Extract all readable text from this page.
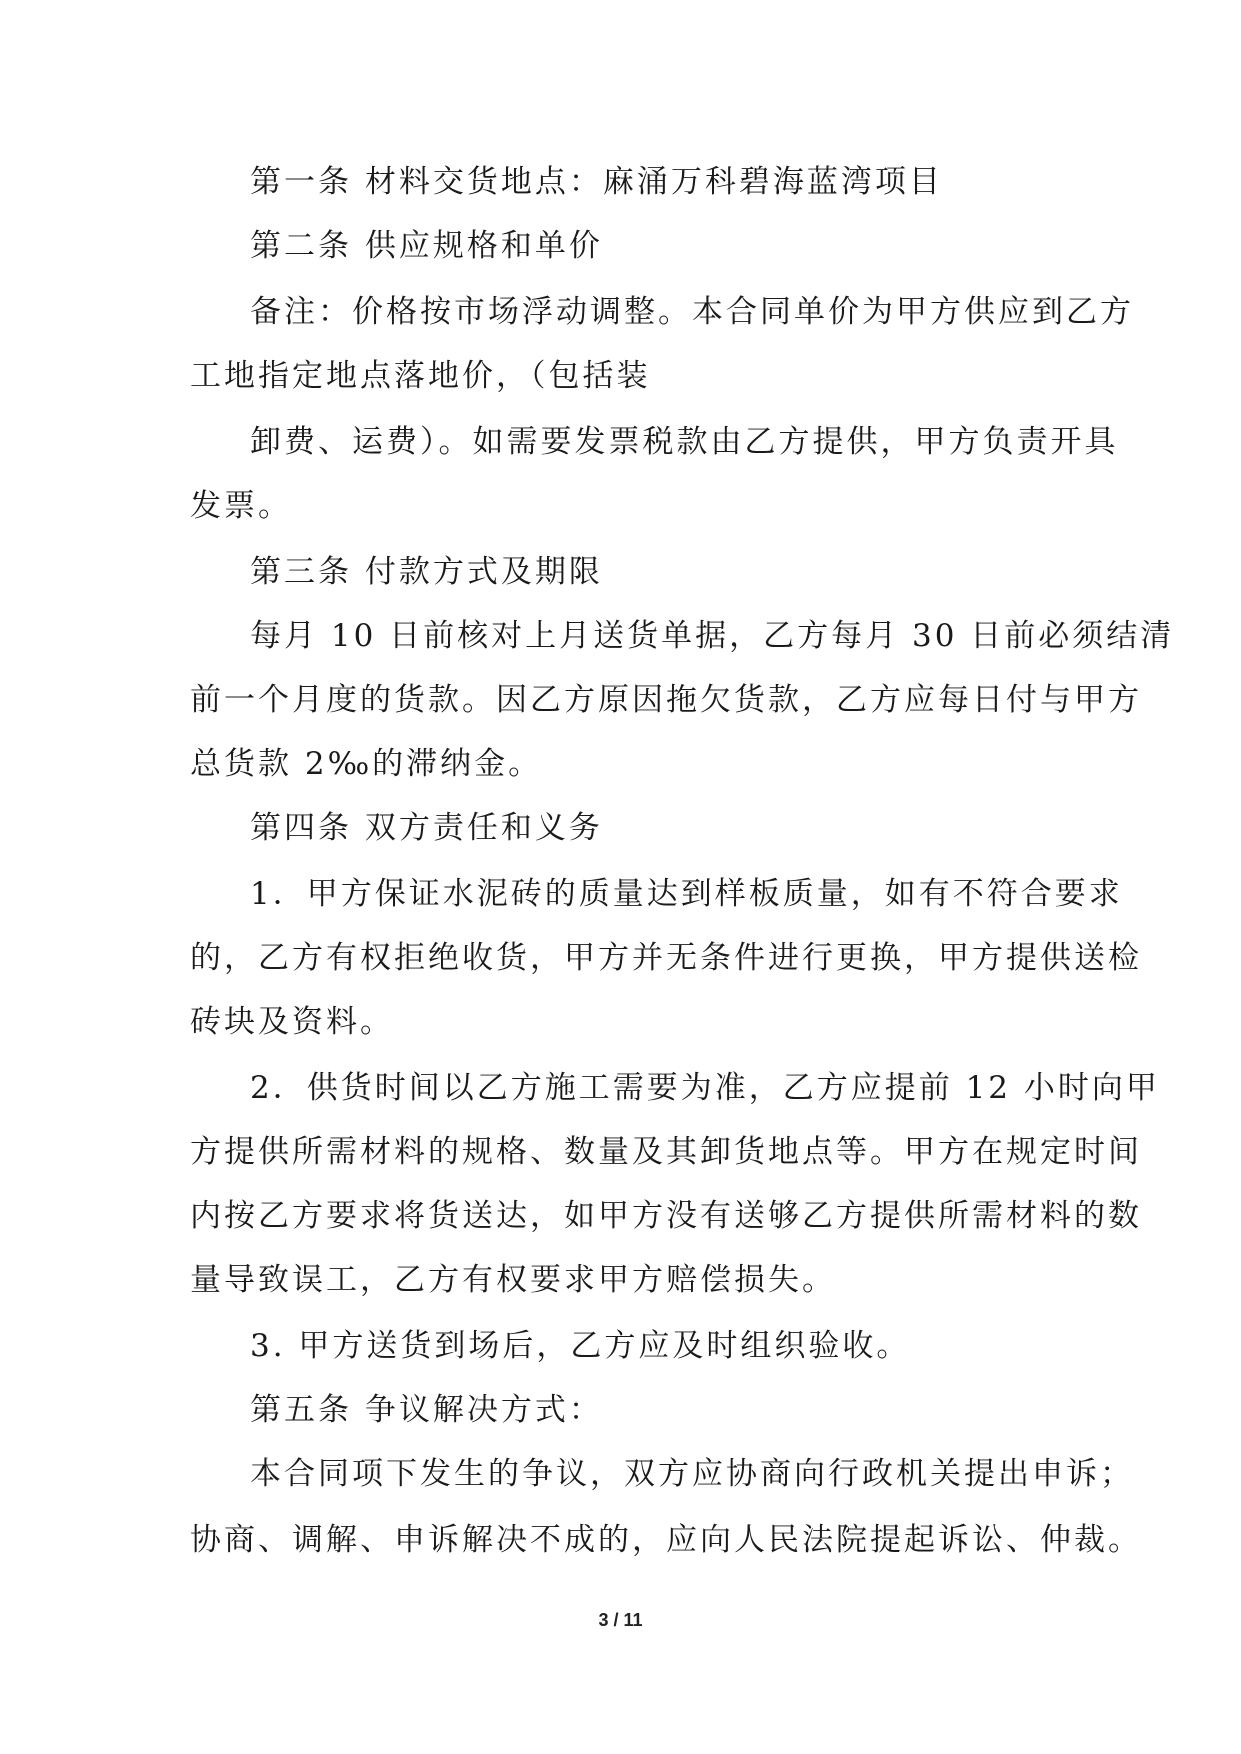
第一条 材料交货地点：麻涌万科碧海蓝湾项目
第二条 供应规格和单价
备注：价格按市场浮动调整。本合同单价为甲方供应到乙方
工地指定地点落地价，（包括装
卸费、运费）。如需要发票税款由乙方提供，甲方负责开具
发票。
第三条 付款方式及期限
每月 10 日前核对上月送货单据，乙方每月 30 日前必须结清
前一个月度的货款。因乙方原因拖欠货款，乙方应每日付与甲方
总货款 2‰的滞纳金。
第四条 双方责任和义务
1．甲方保证水泥砖的质量达到样板质量，如有不符合要求
的，乙方有权拒绝收货，甲方并无条件进行更换，甲方提供送检
砖块及资料。
2．供货时间以乙方施工需要为准，乙方应提前 12 小时向甲
方提供所需材料的规格、数量及其卸货地点等。甲方在规定时间
内按乙方要求将货送达，如甲方没有送够乙方提供所需材料的数
量导致误工，乙方有权要求甲方赔偿损失。
3. 甲方送货到场后，乙方应及时组织验收。
第五条 争议解决方式：
本合同项下发生的争议，双方应协商向行政机关提出申诉；
协商、调解、申诉解决不成的，应向人民法院提起诉讼、仲裁。
3 / 11
